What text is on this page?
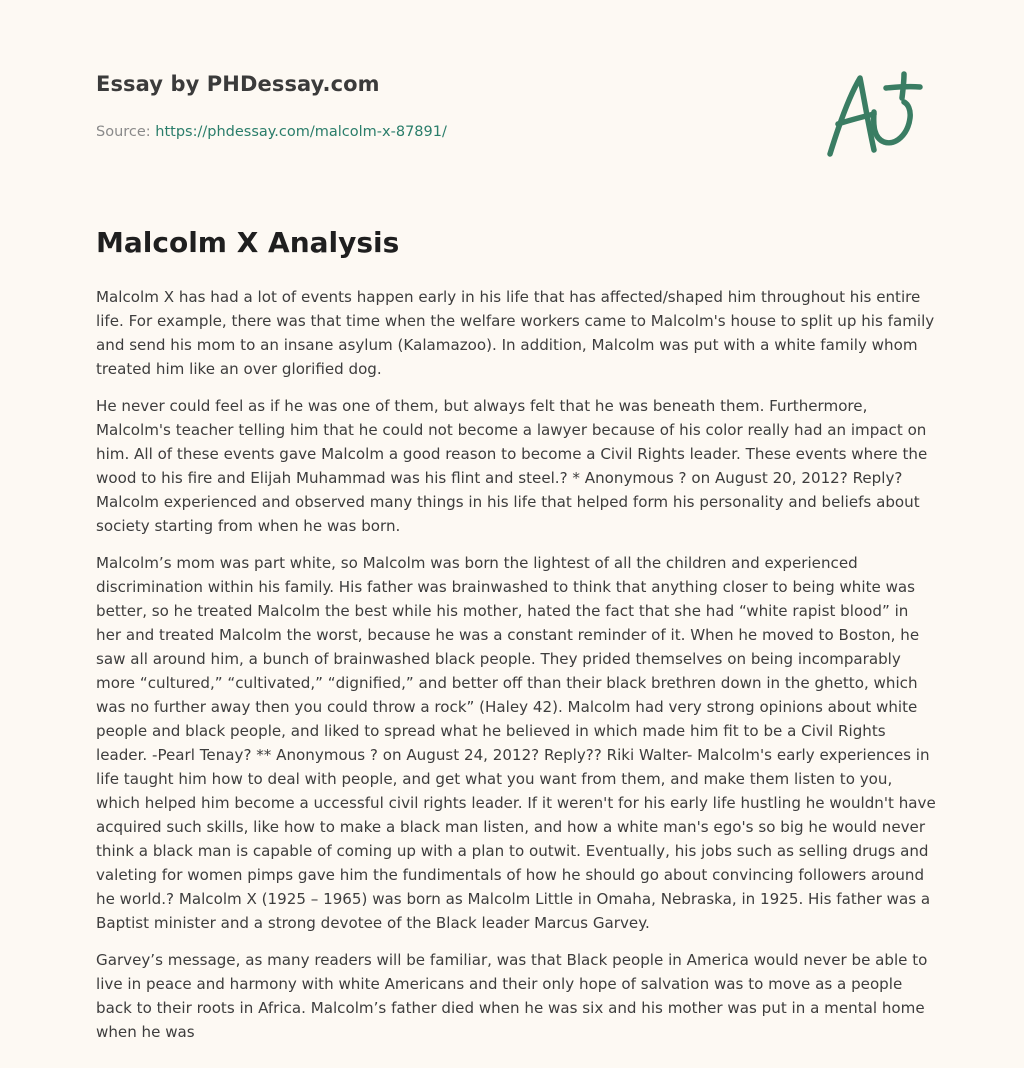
Essay by PHDessay.com
Source: https://phdessay.com/malcolm-x-87891/
Malcolm X Analysis

Malcolm X has had a lot of events happen early in his life that has affected/shaped him throughout his entire life. For example, there was that time when the welfare workers came to Malcolm's house to split up his family and send his mom to an insane asylum (Kalamazoo). In addition, Malcolm was put with a white family whom treated him like an over glorified dog.

He never could feel as if he was one of them, but always felt that he was beneath them. Furthermore, Malcolm's teacher telling him that he could not become a lawyer because of his color really had an impact on him. All of these events gave Malcolm a good reason to become a Civil Rights leader. These events where the wood to his fire and Elijah Muhammad was his flint and steel.? * Anonymous ? on August 20, 2012? Reply? Malcolm experienced and observed many things in his life that helped form his personality and beliefs about society starting from when he was born.

Malcolm’s mom was part white, so Malcolm was born the lightest of all the children and experienced discrimination within his family. His father was brainwashed to think that anything closer to being white was better, so he treated Malcolm the best while his mother, hated the fact that she had “white rapist blood” in her and treated Malcolm the worst, because he was a constant reminder of it. When he moved to Boston, he saw all around him, a bunch of brainwashed black people. They prided themselves on being incomparably more “cultured,” “cultivated,” “dignified,” and better off than their black brethren down in the ghetto, which was no further away then you could throw a rock” (Haley 42). Malcolm had very strong opinions about white people and black people, and liked to spread what he believed in which made him fit to be a Civil Rights leader. -Pearl Tenay? ** Anonymous ? on August 24, 2012? Reply?? Riki Walter- Malcolm's early experiences in life taught him how to deal with people, and get what you want from them, and make them listen to you, which helped him become a uccessful civil rights leader. If it weren't for his early life hustling he wouldn't have acquired such skills, like how to make a black man listen, and how a white man's ego's so big he would never think a black man is capable of coming up with a plan to outwit. Eventually, his jobs such as selling drugs and valeting for women pimps gave him the fundimentals of how he should go about convincing followers around he world.? Malcolm X (1925 – 1965) was born as Malcolm Little in Omaha, Nebraska, in 1925. His father was a Baptist minister and a strong devotee of the Black leader Marcus Garvey.

Garvey’s message, as many readers will be familiar, was that Black people in America would never be able to live in peace and harmony with white Americans and their only hope of salvation was to move as a people back to their roots in Africa. Malcolm’s father died when he was six and his mother was put in a mental home when he was
